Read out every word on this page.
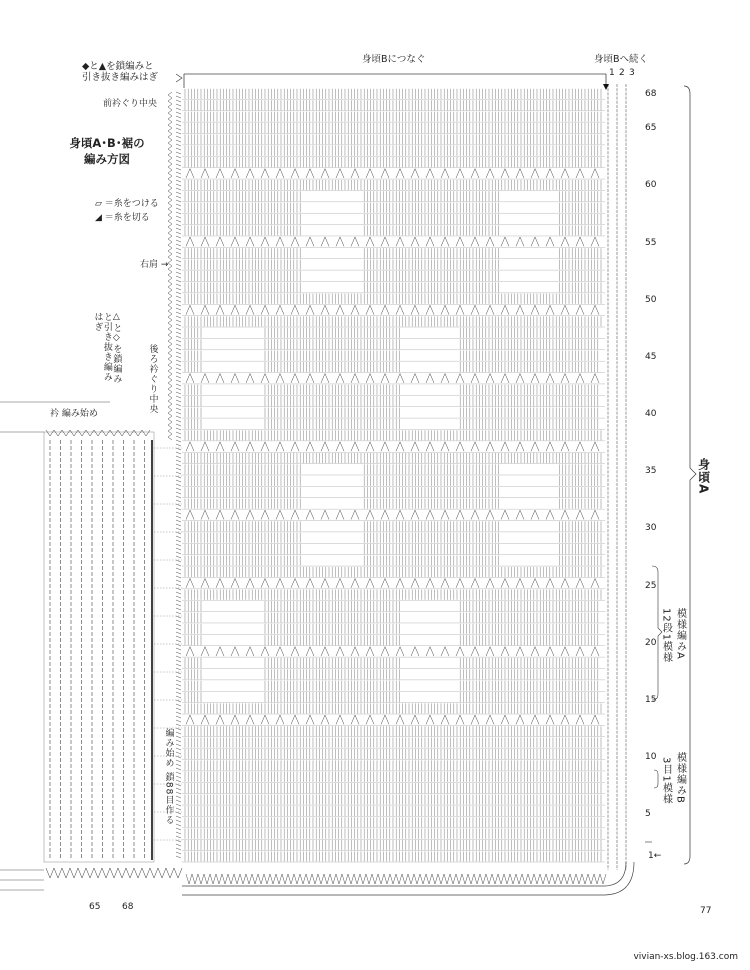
◆と▲を鎖編みと
引き抜き編みはぎ
身頃Bにつなぐ	身頃Bへ続く
前衿ぐり中央
身頃A･B･裾の
編み方図
▱ ＝糸をつける
◢ ＝糸を切る
右肩 →
△と◇を鎖編みと引き抜き編みはぎ
後ろ衿ぐり中央
衿 編み始め
編み始め 鎖88目作る
65 68
1 2 3
68
65
60
55
50
45
40
35
30
25
20
15
10
5
1←
身頃A
模様編みA
12段1模様
模様編みB
3目1模様
77
vivian-xs.blog.163.com
